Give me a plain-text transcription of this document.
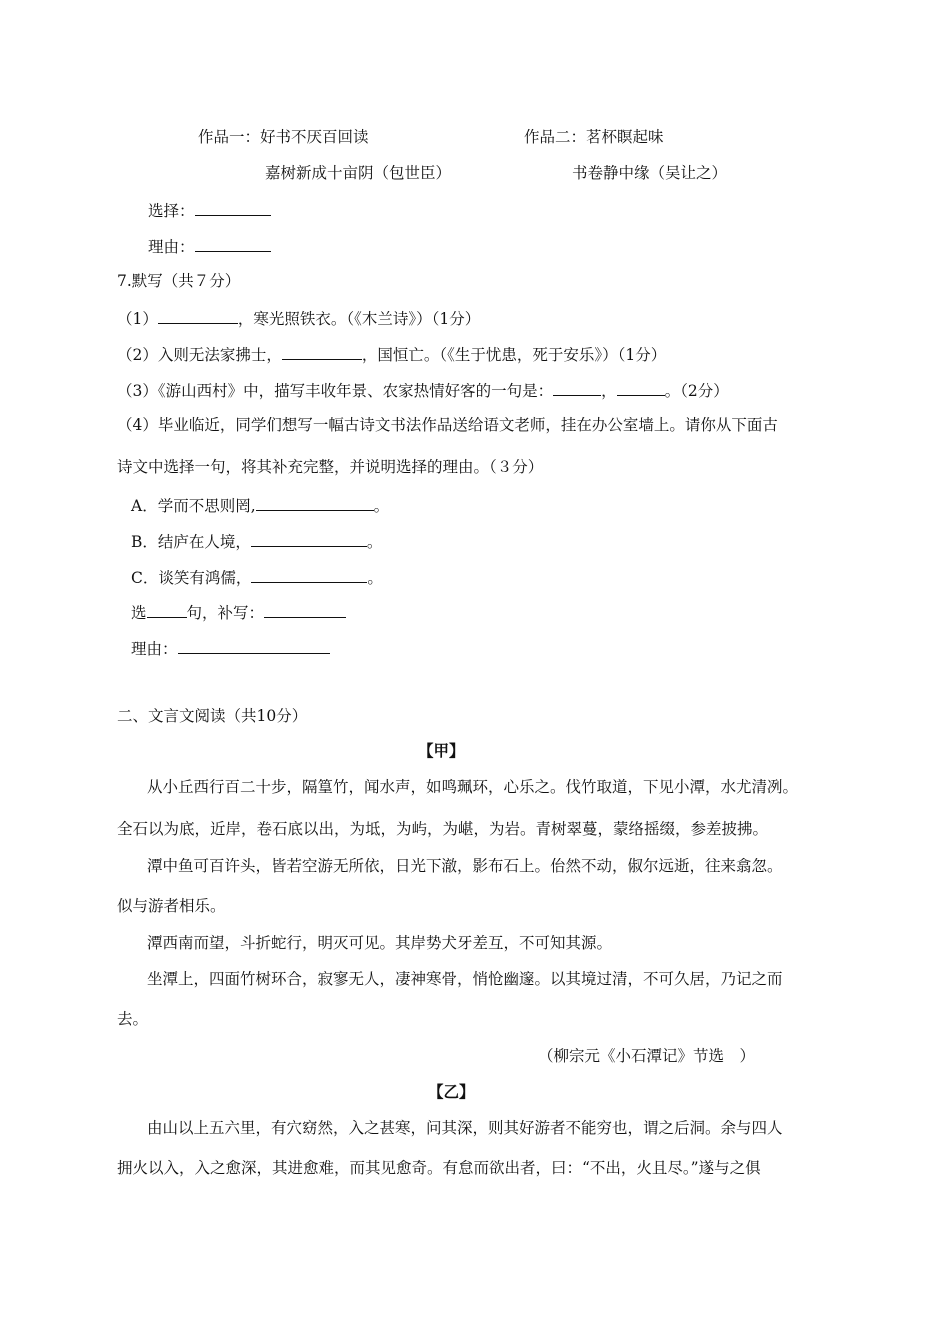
作品一：好书不厌百回读	作品二：茗杯瞑起味
嘉树新成十亩阴（包世臣）	书卷静中缘（吴让之）
选择：
理由：
7.默写（共７分）
（1）	，寒光照铁衣。（《木兰诗》）（1分）
（2）入则无法家拂士，	，国恒亡。（《生于忧患，死于安乐》）（1分）
（3）《游山西村》中，描写丰收年景、农家热情好客的一句是：	，	。（2分）
（4）毕业临近，同学们想写一幅古诗文书法作品送给语文老师，挂在办公室墙上。请你从下面古
诗文中选择一句，将其补充完整，并说明选择的理由。（３分）
A．学而不思则罔,	。
B．结庐在人境，	。
C．谈笑有鸿儒，	。
选	句，补写：
理由：
二、文言文阅读（共10分）
【甲】
从小丘西行百二十步，隔篁竹，闻水声，如鸣珮环，心乐之。伐竹取道，下见小潭，水尤清冽。
全石以为底，近岸，卷石底以出，为坻，为屿，为嵁，为岩。青树翠蔓，蒙络摇缀，参差披拂。
潭中鱼可百许头，皆若空游无所依，日光下澈，影布石上。佁然不动，俶尔远逝，往来翕忽。
似与游者相乐。
潭西南而望，斗折蛇行，明灭可见。其岸势犬牙差互，不可知其源。
坐潭上，四面竹树环合，寂寥无人，凄神寒骨，悄怆幽邃。以其境过清，不可久居，乃记之而
去。
（柳宗元《小石潭记》节选　）
【乙】
由山以上五六里，有穴窈然，入之甚寒，问其深，则其好游者不能穷也，谓之后洞。余与四人
拥火以入，入之愈深，其进愈难，而其见愈奇。有怠而欲出者，曰：“不出，火且尽。”遂与之俱
